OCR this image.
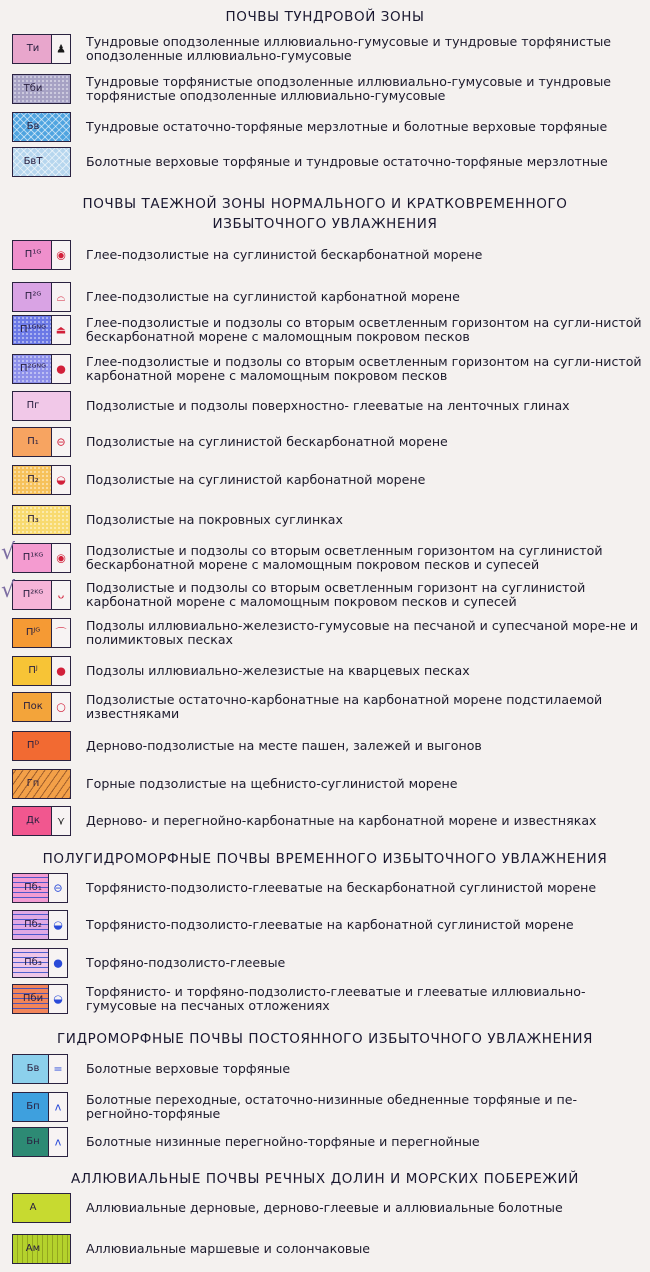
ПОЧВЫ ТУНДРОВОЙ ЗОНЫ
Ти	♟ Тундровые оподзоленные иллювиально-гумусовые и тундровые торфянистые оподзоленные иллювиально-гумусовые
Тби	Тундровые торфянистые оподзоленные иллювиально-гумусовые и тундровые торфянистые оподзоленные иллювиально-гумусовые
Бв	Тундровые остаточно-торфяные мерзлотные и болотные верховые торфяные
БвТ	Болотные верховые торфяные и тундровые остаточно-торфяные мерзлотные
ПОЧВЫ ТАЕЖНОЙ ЗОНЫ НОРМАЛЬНОГО И КРАТКОВРЕМЕННОГО
ИЗБЫТОЧНОГО УВЛАЖНЕНИЯ
П¹ᴳ	◉ Глее-подзолистые на суглинистой бескарбонатной морене
П²ᴳ	⌓ Глее-подзолистые на суглинистой карбонатной морене
П¹ᴳᴺᴳ ⏏ Глее-подзолистые и подзолы со вторым осветленным горизонтом на сугли-нистой бескарбонатной морене с маломощным покровом песков
П²ᴳᴺᴳ ● Глее-подзолистые и подзолы со вторым осветленным горизонтом на сугли-нистой карбонатной морене с маломощным покровом песков
Пг	Подзолистые и подзолы поверхностно- глееватые на ленточных глинах
П₁	⊖ Подзолистые на суглинистой бескарбонатной морене
П₂	◒ Подзолистые на суглинистой карбонатной морене
П₃	Подзолистые на покровных суглинках
П¹ᴷᴳ	◉ Подзолистые и подзолы со вторым осветленным горизонтом на суглинистой бескарбонатной морене с маломощным покровом песков и супесей
П²ᴷᴳ	ᴗ Подзолистые и подзолы со вторым осветленным горизонт на суглинистой карбонатной морене с маломощным покровом песков и супесей
Пᴶᴳ	⌒ Подзолы иллювиально-железисто-гумусовые на песчаной и супесчаной море-не и полимиктовых песках
Пᴶ	● Подзолы иллювиально-железистые на кварцевых песках
Пок	○ Подзолистые остаточно-карбонатные на карбонатной морене подстилаемой известняками
Пᴰ	Дерново-подзолистые на месте пашен, залежей и выгонов
Гп	Горные подзолистые на щебнисто-суглинистой морене
Дк	⋎ Дерново- и перегнойно-карбонатные на карбонатной морене и известняках
ПОЛУГИДРОМОРФНЫЕ ПОЧВЫ ВРЕМЕННОГО ИЗБЫТОЧНОГО УВЛАЖНЕНИЯ
Пб₁	⊖ Торфянисто-подзолисто-глееватые на бескарбонатной суглинистой морене
Пб₂	◒ Торфянисто-подзолисто-глееватые на карбонатной суглинистой морене
Пб₃	● Торфяно-подзолисто-глеевые
Пби ◒ Торфянисто- и торфяно-подзолисто-глееватые и глееватые иллювиально-гумусовые на песчаных отложениях
ГИДРОМОРФНЫЕ ПОЧВЫ ПОСТОЯННОГО ИЗБЫТОЧНОГО УВЛАЖНЕНИЯ
Бв	= Болотные верховые торфяные
Бп	ʌ Болотные переходные, остаточно-низинные обедненные торфяные и пе-регнойно-торфяные
Бн	ʌ Болотные низинные перегнойно-торфяные и перегнойные
АЛЛЮВИАЛЬНЫЕ ПОЧВЫ РЕЧНЫХ ДОЛИН И МОРСКИХ ПОБЕРЕЖИЙ
А	Аллювиальные дерновые, дерново-глеевые и аллювиальные болотные
Ам	Аллювиальные маршевые и солончаковые
√
√
